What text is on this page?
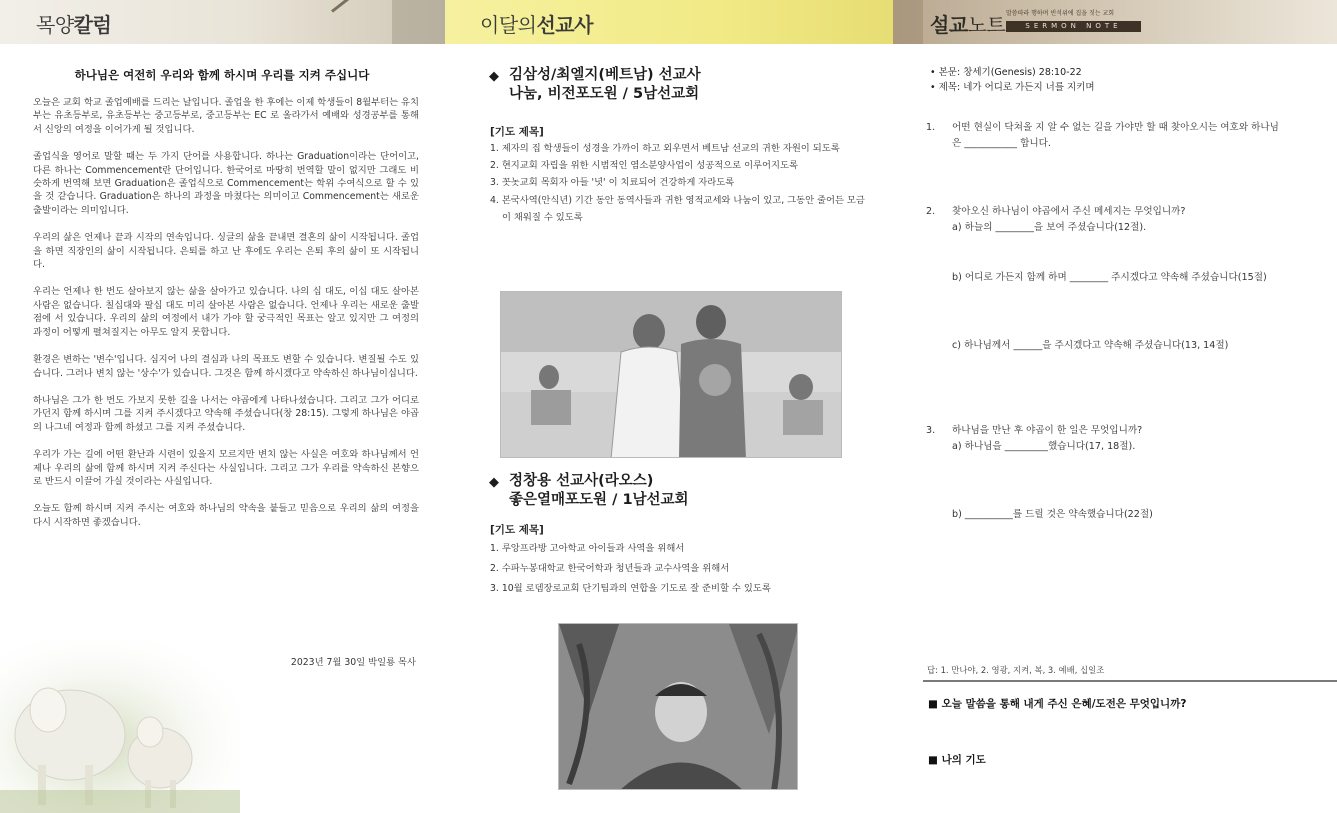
목양칼럼
하나님은 여전히 우리와 함께 하시며 우리를 지켜 주십니다

오늘은 교회 학교 졸업예배를 드리는 날입니다. 졸업을 한 후에는 이제 학생들이 8월부터는 유치부는 유초등부로, 유초등부는 중고등부로, 중고등부는 EC 로 올라가서 예배와 성경공부를 통해서 신앙의 여정을 이어가게 될 것입니다.

졸업식을 영어로 말할 때는 두 가지 단어를 사용합니다. 하나는 Graduation이라는 단어이고, 다른 하나는 Commencement란 단어입니다. 한국어로 마땅히 번역할 말이 없지만 그래도 비슷하게 번역해 보면 Graduation은 졸업식으로 Commencement는 학위 수여식으로 할 수 있을 것 같습니다. Graduation은 하나의 과정을 마쳤다는 의미이고 Commencement는 새로운 출발이라는 의미입니다.

우리의 삶은 언제나 끝과 시작의 연속입니다. 싱글의 삶을 끝내면 결혼의 삶이 시작됩니다. 졸업을 하면 직장인의 삶이 시작됩니다. 은퇴를 하고 난 후에도 우리는 은퇴 후의 삶이 또 시작됩니다.

우리는 언제나 한 번도 살아보지 않는 삶을 살아가고 있습니다. 나의 십 대도, 이십 대도 살아본 사람은 없습니다. 칠십대와 팔십 대도 미리 살아본 사람은 없습니다. 언제나 우리는 새로운 출발점에 서 있습니다. 우리의 삶의 여정에서 내가 가야 할 궁극적인 목표는 알고 있지만 그 여정의 과정이 어떻게 펼쳐질지는 아무도 알지 못합니다.

환경은 변하는 '변수'입니다. 심지어 나의 결심과 나의 목표도 변할 수 있습니다. 변질될 수도 있습니다. 그러나 변치 않는 '상수'가 있습니다. 그것은 함께 하시겠다고 약속하신 하나님이십니다.

하나님은 그가 한 번도 가보지 못한 길을 나서는 야곱에게 나타나셨습니다. 그리고 그가 어디로 가던지 함께 하시며 그를 지켜 주시겠다고 약속해 주셨습니다(창 28:15). 그렇게 하나님은 야곱의 나그네 여정과 함께 하셨고 그를 지켜 주셨습니다.

우리가 가는 길에 어떤 환난과 시련이 있을지 모르지만 변치 않는 사실은 여호와 하나님께서 언제나 우리의 삶에 함께 하시며 지켜 주신다는 사실입니다. 그리고 그가 우리를 약속하신 본향으로 반드시 이끌어 가실 것이라는 사실입니다.

오늘도 함께 하시며 지켜 주시는 여호와 하나님의 약속을 붙들고 믿음으로 우리의 삶의 여정을 다시 시작하면 좋겠습니다.

2023년 7월 30일 박일룡 목사
이달의선교사
◆ 김삼성/최엘지(베트남) 선교사
나눔, 비전포도원 / 5남선교회
[기도 제목]
1. 제자의 집 학생들이 성경을 가까이 하고 외우면서 베트남 선교의 귀한 자원이 되도록
2. 현지교회 자립을 위한 시범적인 염소분양사업이 성공적으로 이루어지도록
3. 꼿놋교회 목회자 아들 '녓' 이 치료되어 건강하게 자라도록
4. 본국사역(안식년) 기간 동안 동역사들과 귀한 영적교세와 나눔이 있고, 그동안 줄어든 모금이 채워질 수 있도록
◆ 정창용 선교사(라오스)
좋은열매포도원 / 1남선교회
[기도 제목]
1. 루앙프라방 고아학교 아이들과 사역을 위해서
2. 수파누봉대학교 한국어학과 청년들과 교수사역을 위해서
3. 10월 로뎀장로교회 단기팀과의 연합을 기도로 잘 준비할 수 있도록
설교노트 말씀따라 행하며 빈석위에 집을 짓는 교회
SERMON NOTE
• 본문: 창세기(Genesis) 28:10-22
• 제목: 네가 어디로 가든지 너를 지키며
1.	어떤 현실이 닥쳐올 지 알 수 없는 길을 가야만 할 때 찾아오시는 여호와 하나님은 ___________ 합니다.
2.	찾아오신 하나님이 야곱에서 주신 메세지는 무엇입니까?
a) 하늘의 ________을 보여 주셨습니다(12절).
b) 어디로 가든지 함께 하며 ________ 주시겠다고 약속해 주셨습니다(15절)
c) 하나님께서 ______을 주시겠다고 약속해 주셨습니다(13, 14절)
3.	하나님을 만난 후 야곱이 한 일은 무엇입니까?
a) 하나님을 _________했습니다(17, 18절).
b) __________를 드릴 것은 약속했습니다(22절)
답: 1. 만나야, 2. 영광, 지켜, 복, 3. 예배, 십일조
■ 오늘 말씀을 통해 내게 주신 은혜/도전은 무엇입니까?
■ 나의 기도
